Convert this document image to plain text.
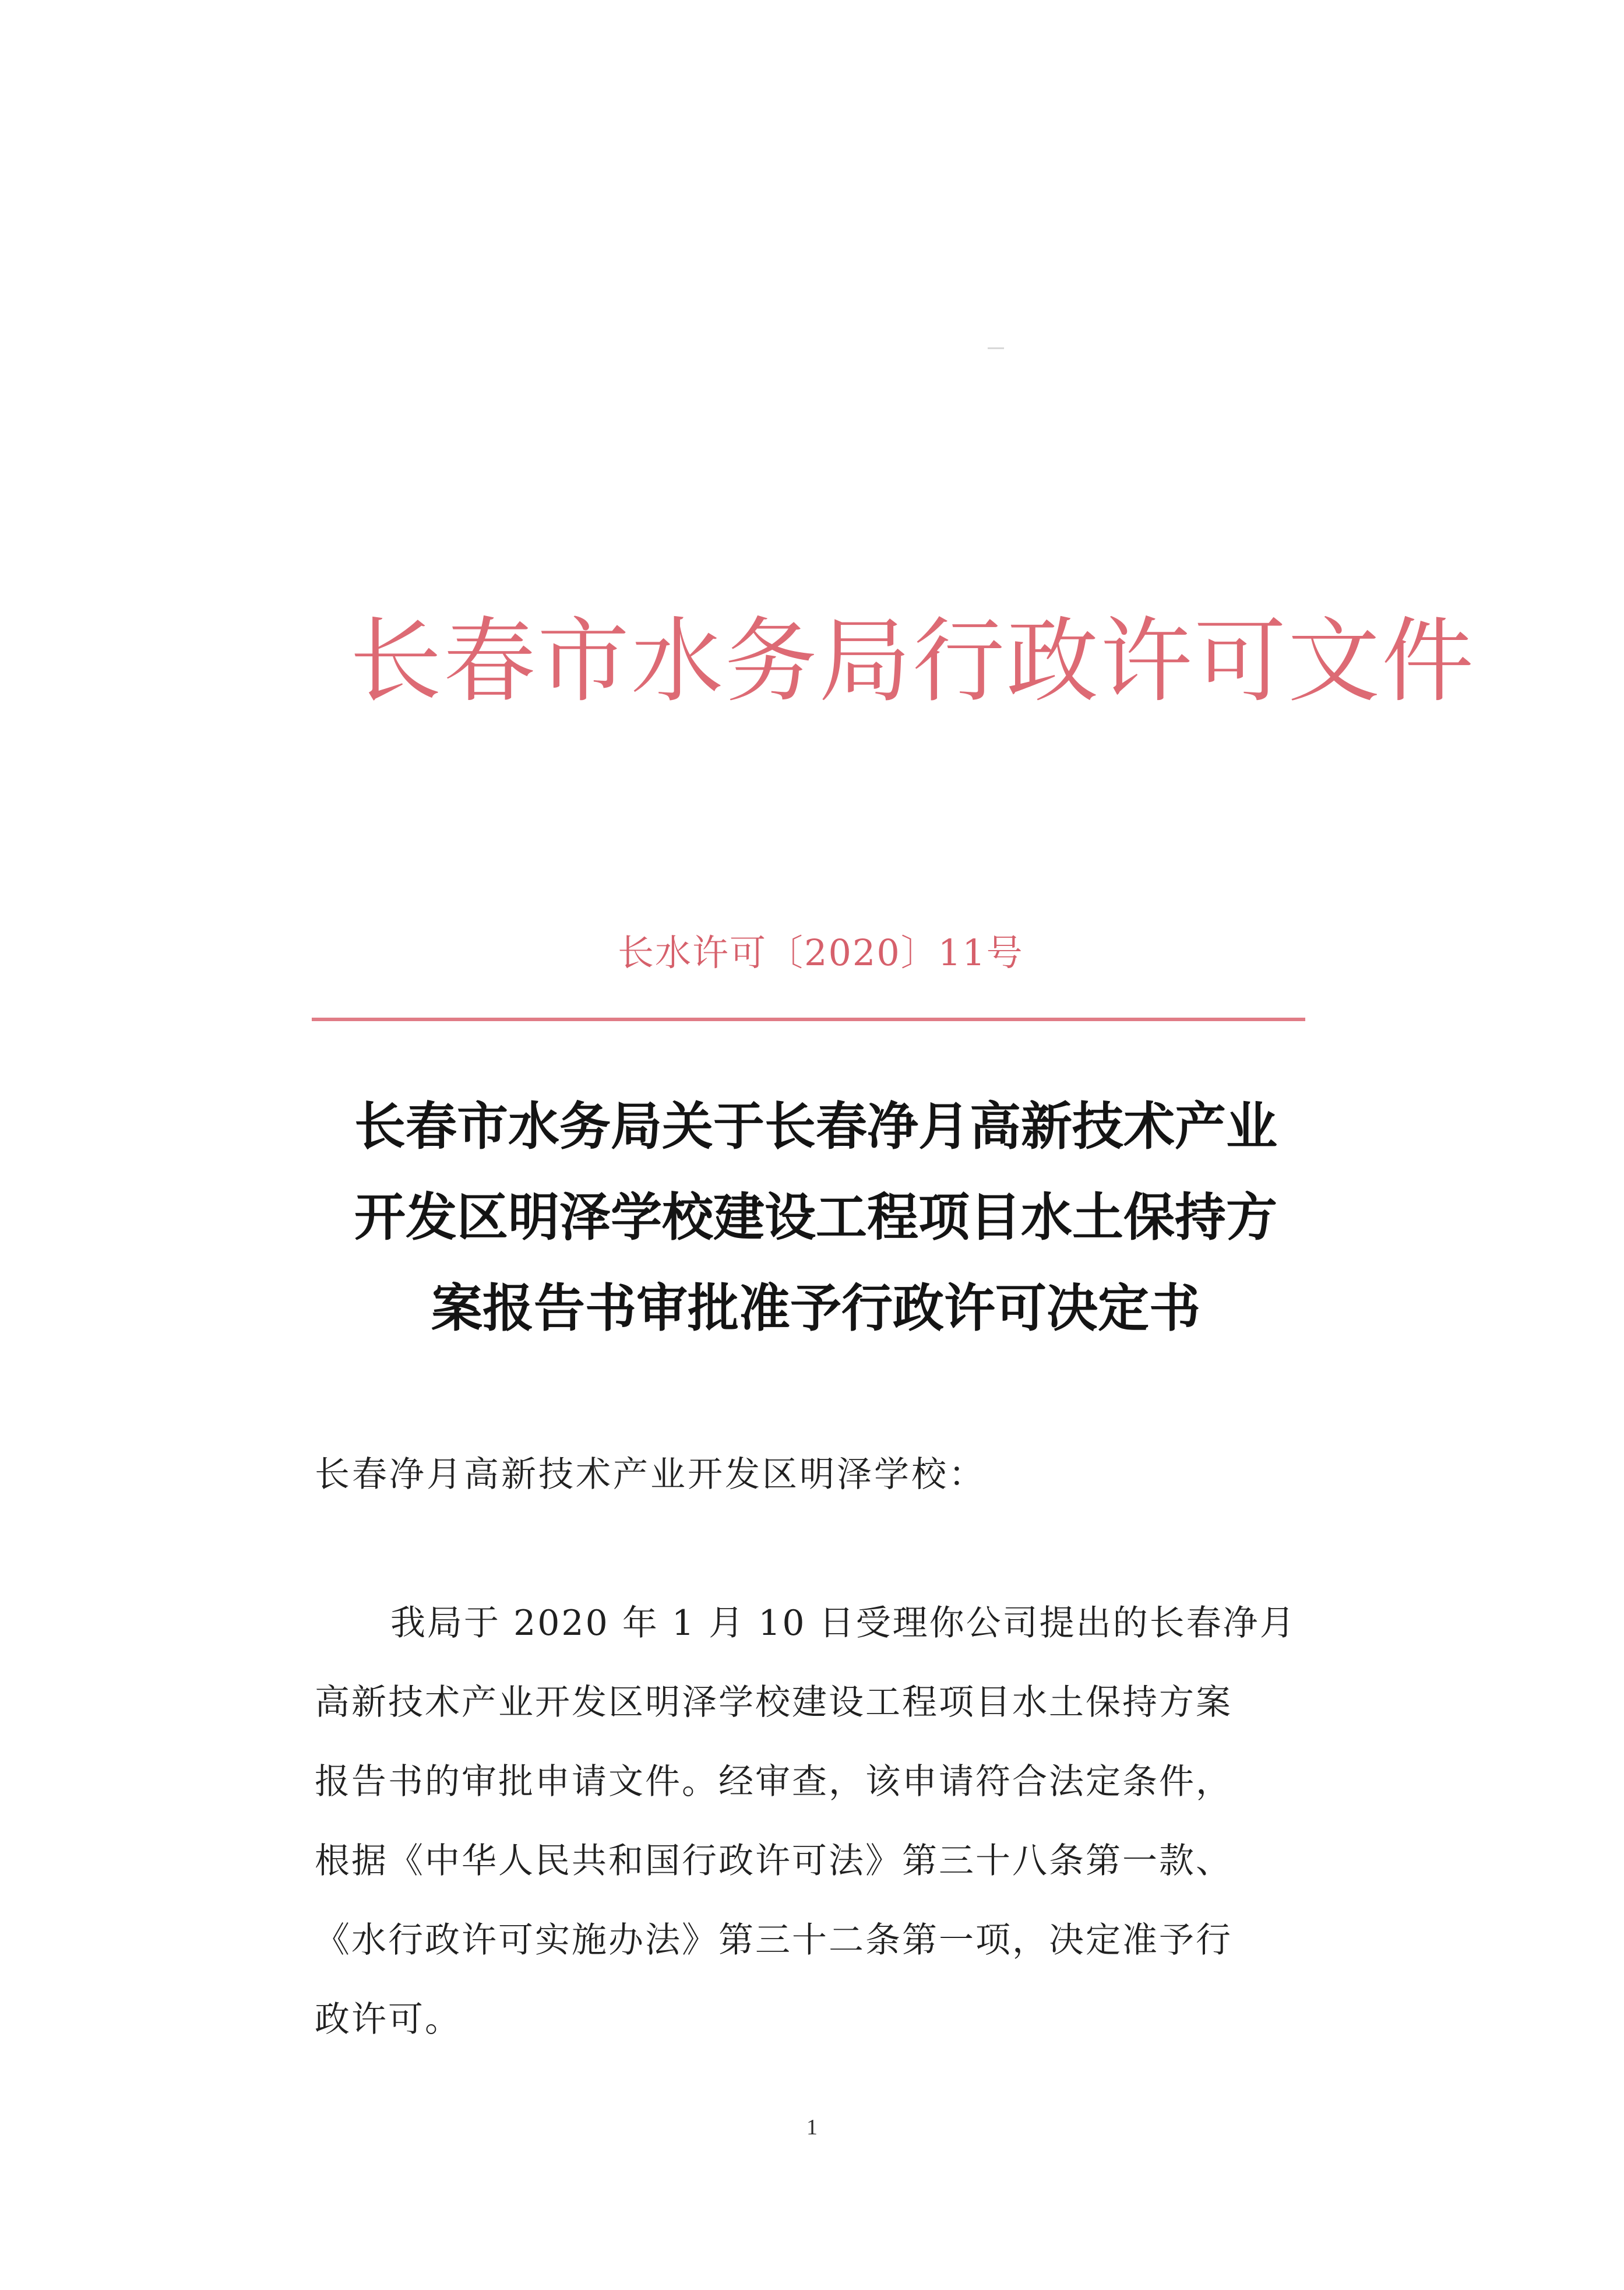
长春市水务局行政许可文件
长水许可〔2020〕11号
长春市水务局关于长春净月高新技术产业
开发区明泽学校建设工程项目水土保持方
案报告书审批准予行政许可决定书
长春净月高新技术产业开发区明泽学校：
我局于 2020 年 1 月 10 日受理你公司提出的长春净月
高新技术产业开发区明泽学校建设工程项目水土保持方案
报告书的审批申请文件。经审查，该申请符合法定条件，
根据《中华人民共和国行政许可法》第三十八条第一款、
《水行政许可实施办法》第三十二条第一项，决定准予行
政许可。
1
